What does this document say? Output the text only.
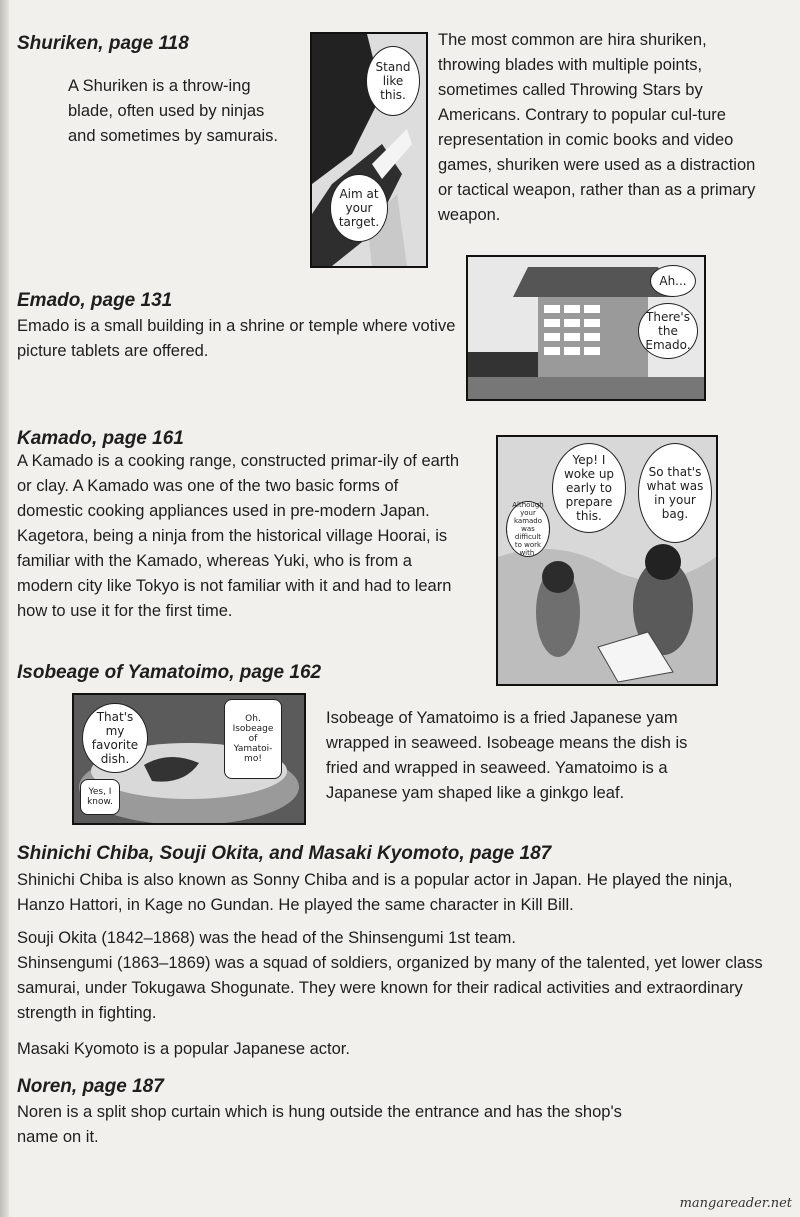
Shuriken, page 118

A Shuriken is a throw-ing blade, often used by ninjas and sometimes by samurais.

Stand like this.
Aim at your target.

The most common are hira shuriken, throwing blades with multiple points, sometimes called Throwing Stars by Americans. Contrary to popular cul-ture representation in comic books and video games, shuriken were used as a distraction or tactical weapon, rather than as a primary weapon.

Ah...
There's the Emado.
Emado, page 131

Emado is a small building in a shrine or temple where votive picture tablets are offered.

Kamado, page 161

A Kamado is a cooking range, constructed primar-ily of earth or clay. A Kamado was one of the two basic forms of domestic cooking appliances used in pre-modern Japan. Kagetora, being a ninja from the historical village Hoorai, is familiar with the Kamado, whereas Yuki, who is from a modern city like Tokyo is not familiar with it and had to learn how to use it for the first time.

Yep! I woke up early to prepare this.
So that's what was in your bag.
Although your kamado was difficult to work with.
Isobeage of Yamatoimo, page 162
That's my favorite dish.
Oh. Isobeage of Yamatoi-mo!
Yes, I know.

Isobeage of Yamatoimo is a fried Japanese yam wrapped in seaweed. Isobeage means the dish is fried and wrapped in seaweed. Yamatoimo is a Japanese yam shaped like a ginkgo leaf.

Shinichi Chiba, Souji Okita, and Masaki Kyomoto, page 187

Shinichi Chiba is also known as Sonny Chiba and is a popular actor in Japan. He played the ninja, Hanzo Hattori, in Kage no Gundan. He played the same character in Kill Bill.

Souji Okita (1842–1868) was the head of the Shinsengumi 1st team.

Shinsengumi (1863–1869) was a squad of soldiers, organized by many of the talented, yet lower class samurai, under Tokugawa Shogunate. They were known for their radical activities and extraordinary strength in fighting.

Masaki Kyomoto is a popular Japanese actor.

Noren, page 187

Noren is a split shop curtain which is hung outside the entrance and has the shop's name on it.

mangareader.net
